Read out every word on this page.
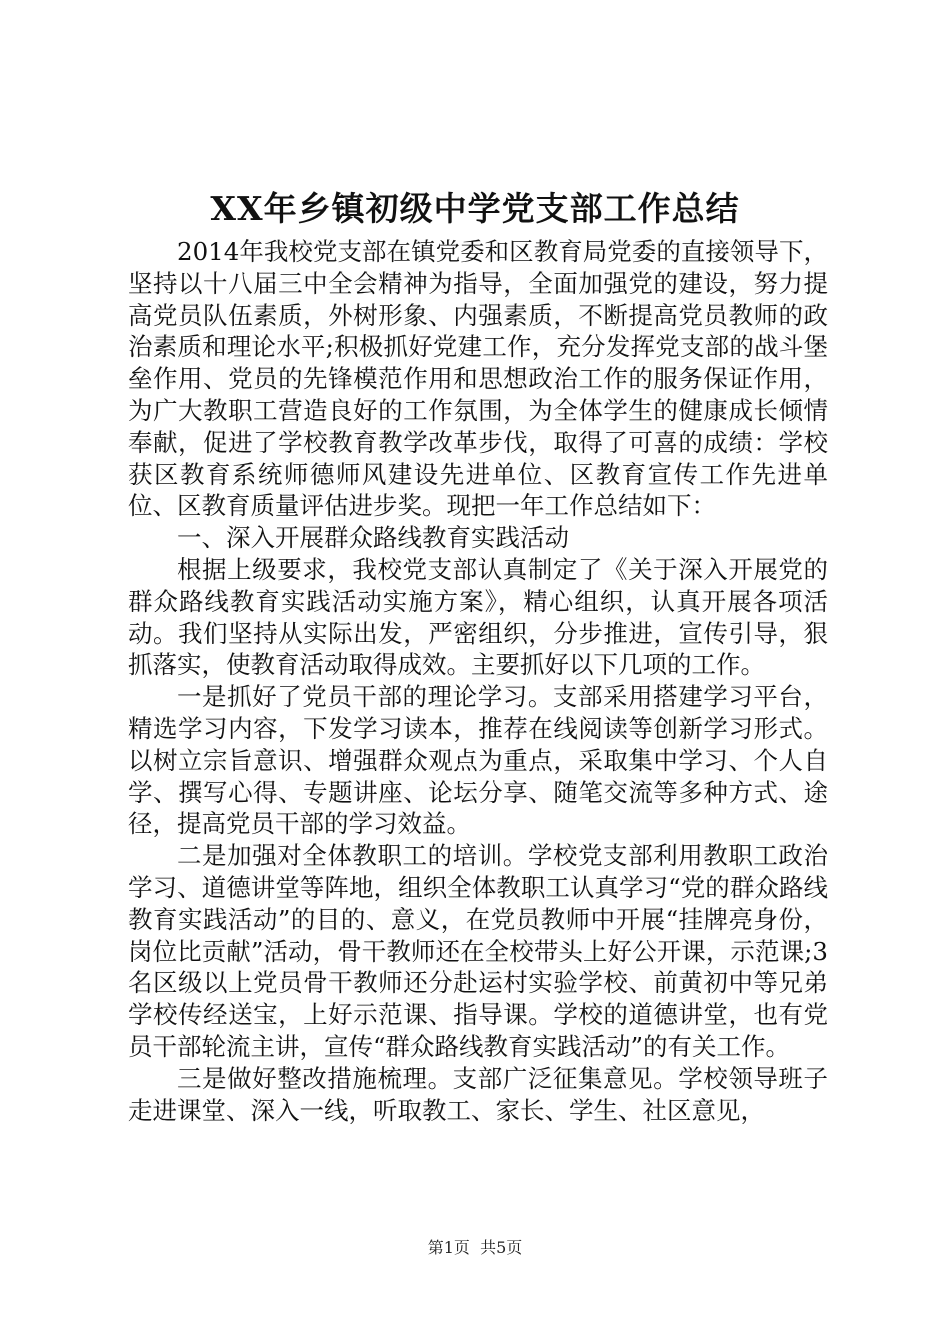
XX年乡镇初级中学党支部工作总结

2014年我校党支部在镇党委和区教育局党委的直接领导下，坚持以十八届三中全会精神为指导，全面加强党的建设，努力提高党员队伍素质，外树形象、内强素质，不断提高党员教师的政治素质和理论水平;积极抓好党建工作，充分发挥党支部的战斗堡垒作用、党员的先锋模范作用和思想政治工作的服务保证作用，为广大教职工营造良好的工作氛围，为全体学生的健康成长倾情奉献，促进了学校教育教学改革步伐，取得了可喜的成绩：学校获区教育系统师德师风建设先进单位、区教育宣传工作先进单位、区教育质量评估进步奖。现把一年工作总结如下：

一、深入开展群众路线教育实践活动

根据上级要求，我校党支部认真制定了《关于深入开展党的群众路线教育实践活动实施方案》，精心组织，认真开展各项活动。我们坚持从实际出发，严密组织，分步推进，宣传引导，狠抓落实，使教育活动取得成效。主要抓好以下几项的工作。

一是抓好了党员干部的理论学习。支部采用搭建学习平台，精选学习内容，下发学习读本，推荐在线阅读等创新学习形式。以树立宗旨意识、增强群众观点为重点，采取集中学习、个人自学、撰写心得、专题讲座、论坛分享、随笔交流等多种方式、途径，提高党员干部的学习效益。

二是加强对全体教职工的培训。学校党支部利用教职工政治学习、道德讲堂等阵地，组织全体教职工认真学习“党的群众路线教育实践活动”的目的、意义，在党员教师中开展“挂牌亮身份，岗位比贡献”活动，骨干教师还在全校带头上好公开课，示范课;3名区级以上党员骨干教师还分赴运村实验学校、前黄初中等兄弟学校传经送宝，上好示范课、指导课。学校的道德讲堂，也有党员干部轮流主讲，宣传“群众路线教育实践活动”的有关工作。

三是做好整改措施梳理。支部广泛征集意见。学校领导班子走进课堂、深入一线，听取教工、家长、学生、社区意见，

第1页 共5页
